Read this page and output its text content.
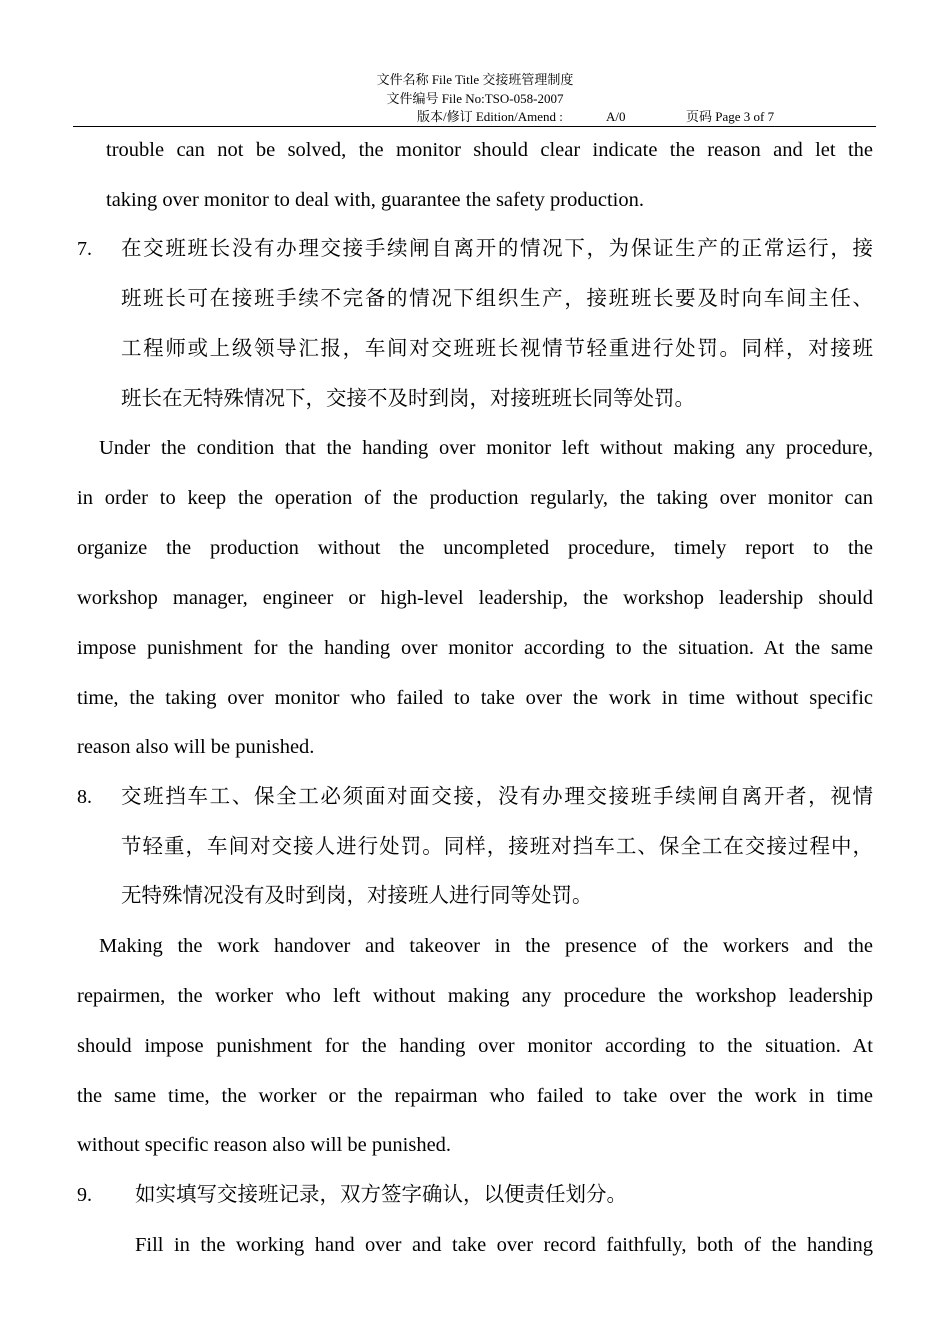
文件名称 File Title 交接班管理制度
文件编号 File No:TSO-058-2007
版本/修订 Edition/Amend :	A/0	页码 Page 3 of 7
trouble can not be solved, the monitor should clear indicate the reason and let the
taking over monitor to deal with, guarantee the safety production.
7. 在交班班长没有办理交接手续闸自离开的情况下，为保证生产的正常运行，接
班班长可在接班手续不完备的情况下组织生产，接班班长要及时向车间主任、
工程师或上级领导汇报，车间对交班班长视情节轻重进行处罚。同样，对接班
班长在无特殊情况下，交接不及时到岗，对接班班长同等处罚。
Under the condition that the handing over monitor left without making any procedure,
in order to keep the operation of the production regularly, the taking over monitor can
organize the production without the uncompleted procedure, timely report to the
workshop manager, engineer or high-level leadership, the workshop leadership should
impose punishment for the handing over monitor according to the situation. At the same
time, the taking over monitor who failed to take over the work in time without specific
reason also will be punished.
8. 交班挡车工、保全工必须面对面交接，没有办理交接班手续闸自离开者，视情
节轻重，车间对交接人进行处罚。同样，接班对挡车工、保全工在交接过程中，
无特殊情况没有及时到岗，对接班人进行同等处罚。
Making the work handover and takeover in the presence of the workers and the
repairmen, the worker who left without making any procedure the workshop leadership
should impose punishment for the handing over monitor according to the situation. At
the same time, the worker or the repairman who failed to take over the work in time
without specific reason also will be punished.
9. 如实填写交接班记录，双方签字确认，以便责任划分。
Fill in the working hand over and take over record faithfully, both of the handing
